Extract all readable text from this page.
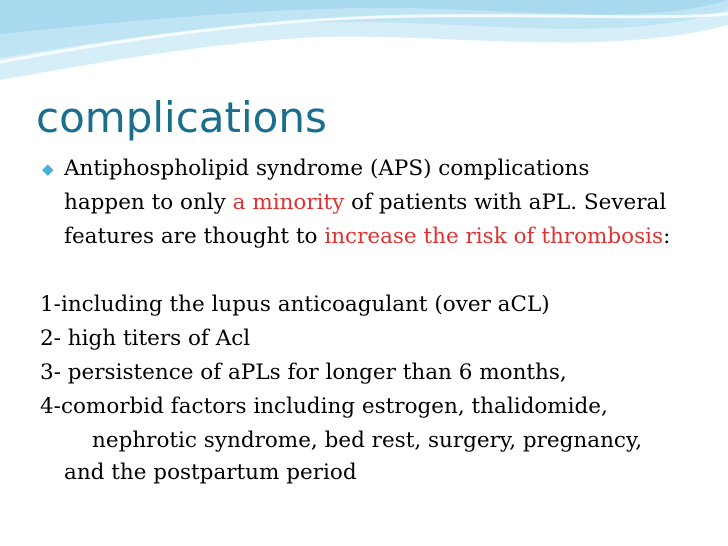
complications
◆ Antiphospholipid syndrome (APS) complications
happen to only a minority of patients with aPL. Several
features are thought to increase the risk of thrombosis:
1-including the lupus anticoagulant (over aCL)
2- high titers of Acl
3- persistence of aPLs for longer than 6 months,
4-comorbid factors including estrogen, thalidomide,
nephrotic syndrome, bed rest, surgery, pregnancy,
and the postpartum period
